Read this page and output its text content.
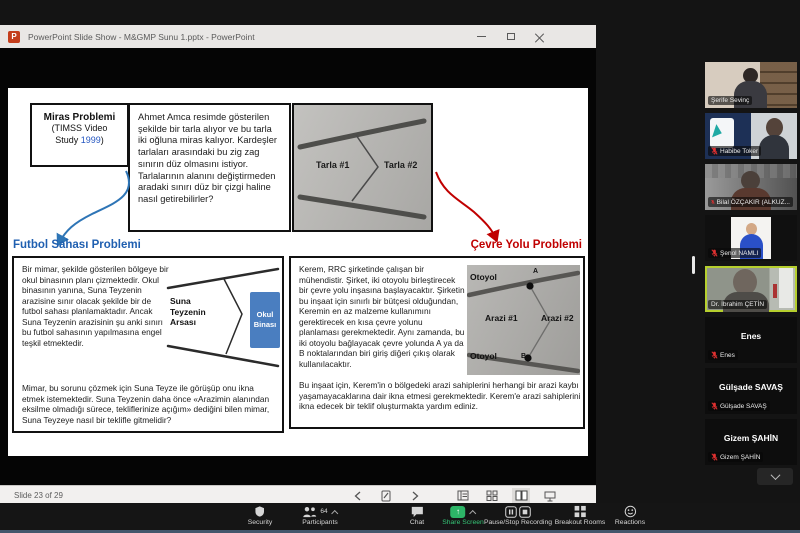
P	PowerPoint Slide Show - M&GMP Sunu 1.pptx - PowerPoint
Miras Problemi
(TIMSS Video
Study 1999)
Ahmet Amca resimde gösterilen şekilde bir tarla alıyor ve bu tarla iki oğluna miras kalıyor. Kardeşler tarlaları arasındaki bu zig zag sınırın düz olmasını istiyor. Tarlalarının alanını değiştirmeden aradaki sınırı düz bir çizgi haline nasıl getirebilirler?
Tarla #1	Tarla #2
Futbol Sahası Problemi	Çevre Yolu Problemi
Bir mimar, şekilde gösterilen bölgeye bir okul binasının planı çizmektedir. Okul binasının yanına, Suna Teyzenin arazisine sınır olacak şekilde bir de futbol sahası planlamaktadır. Ancak Suna Teyzenin arazisinin şu anki sınırı bu futbol sahasının yapılmasına engel teşkil etmektedir.
Suna Teyzenin Arsası
Okul Binası
Mimar, bu sorunu çözmek için Suna Teyze ile görüşüp onu ikna etmek istemektedir. Suna Teyzenin daha önce «Arazimin alanından eksilme olmadığı sürece, tekliflerinize açığım» dediğini bilen mimar, Suna Teyzeye nasıl bir teklifle gitmelidir?
Kerem, RRC şirketinde çalışan bir mühendistir. Şirket, iki otoyolu birleştirecek bir çevre yolu inşasına başlayacaktır. Şirketin bu inşaat için sınırlı bir bütçesi olduğundan, Keremin en az malzeme kullanımını gerektirecek en kısa çevre yolunu planlaması gerekmektedir. Aynı zamanda, bu iki otoyolu bağlayacak çevre yolunda A ya da B noktalarından biri giriş diğeri çıkış olarak kullanılacaktır.
Otoyol
A
Arazi #1	Arazi #2
Otoyol	B
Bu inşaat için, Kerem'in o bölgedeki arazi sahiplerini herhangi bir arazi kaybı yaşamayacaklarına dair ikna etmesi gerekmektedir. Kerem'e arazi sahiplerini ikna edecek bir teklif oluşturmakta yardım ediniz.
Slide 23 of 29
Şerife Sevinç
Habibe Toker
Bilal ÖZÇAKIR (ALKUZ...
Şenol NAMLI
Dr. İbrahim ÇETİN
Enes
Enes
Gülşade SAVAŞ
Gülşade SAVAŞ
Gizem ŞAHİN
Gizem ŞAHİN
Security
64
Participants	Chat
↑
Share Screen Pause/Stop Recording Breakout Rooms Reactions
